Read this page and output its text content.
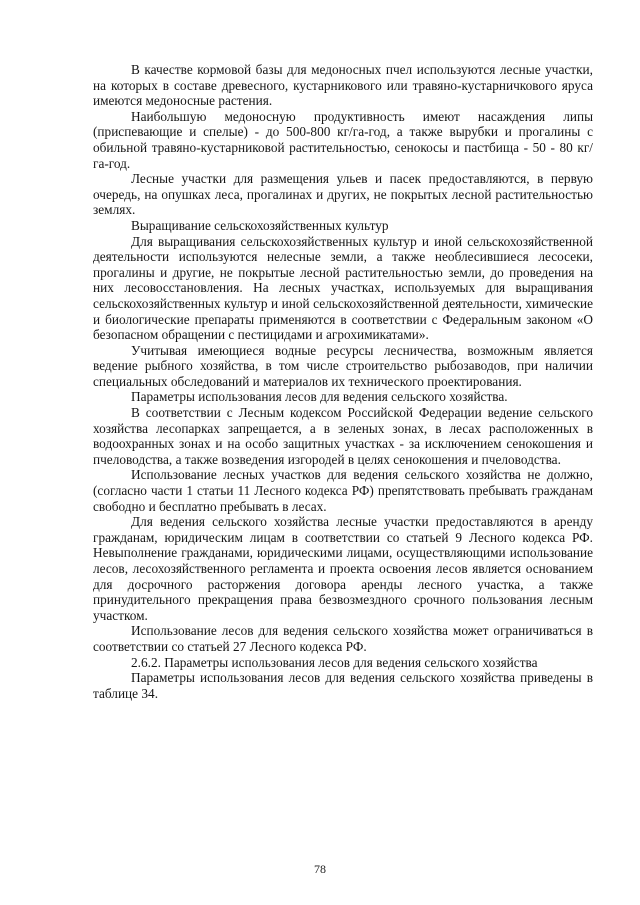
В качестве кормовой базы для медоносных пчел используются лесные участки, на которых в составе древесного, кустарникового или травяно-кустарничкового яруса имеются медоносные растения.

Наибольшую медоносную продуктивность имеют насаждения липы (приспевающие и спелые) - до 500-800 кг/га-год, а также вырубки и прогалины с обильной травяно-кустарниковой растительностью, сенокосы и пастбища - 50 - 80 кг/га-год.

Лесные участки для размещения ульев и пасек предоставляются, в первую очередь, на опушках леса, прогалинах и других, не покрытых лесной растительностью землях.

Выращивание сельскохозяйственных культур

Для выращивания сельскохозяйственных культур и иной сельскохозяйственной деятельности используются нелесные земли, а также необлесившиеся лесосеки, прогалины и другие, не покрытые лесной растительностью земли, до проведения на них лесовосстановления. На лесных участках, используемых для выращивания сельскохозяйственных культур и иной сельскохозяйственной деятельности, химические и биологические препараты применяются в соответствии с Федеральным законом «О безопасном обращении с пестицидами и агрохимикатами».

Учитывая имеющиеся водные ресурсы лесничества, возможным является ведение рыбного хозяйства, в том числе строительство рыбозаводов, при наличии специальных обследований и материалов их технического проектирования.

Параметры использования лесов для ведения сельского хозяйства.

В соответствии с Лесным кодексом Российской Федерации ведение сельского хозяйства лесопарках запрещается, а в зеленых зонах, в лесах расположенных в водоохранных зонах и на особо защитных участках - за исключением сенокошения и пчеловодства, а также возведения изгородей в целях сенокошения и пчеловодства.

Использование лесных участков для ведения сельского хозяйства не должно, (согласно части 1 статьи 11 Лесного кодекса РФ) препятствовать пребывать гражданам свободно и бесплатно пребывать в лесах.

Для ведения сельского хозяйства лесные участки предоставляются в аренду гражданам, юридическим лицам в соответствии со статьей 9 Лесного кодекса РФ. Невыполнение гражданами, юридическими лицами, осуществляющими использование лесов, лесохозяйственного регламента и проекта освоения лесов является основанием для досрочного расторжения договора аренды лесного участка, а также принудительного прекращения права безвозмездного срочного пользования лесным участком.

Использование лесов для ведения сельского хозяйства может ограничиваться в соответствии со статьей 27 Лесного кодекса РФ.

2.6.2. Параметры использования лесов для ведения сельского хозяйства

Параметры использования лесов для ведения сельского хозяйства приведены в таблице 34.

78
